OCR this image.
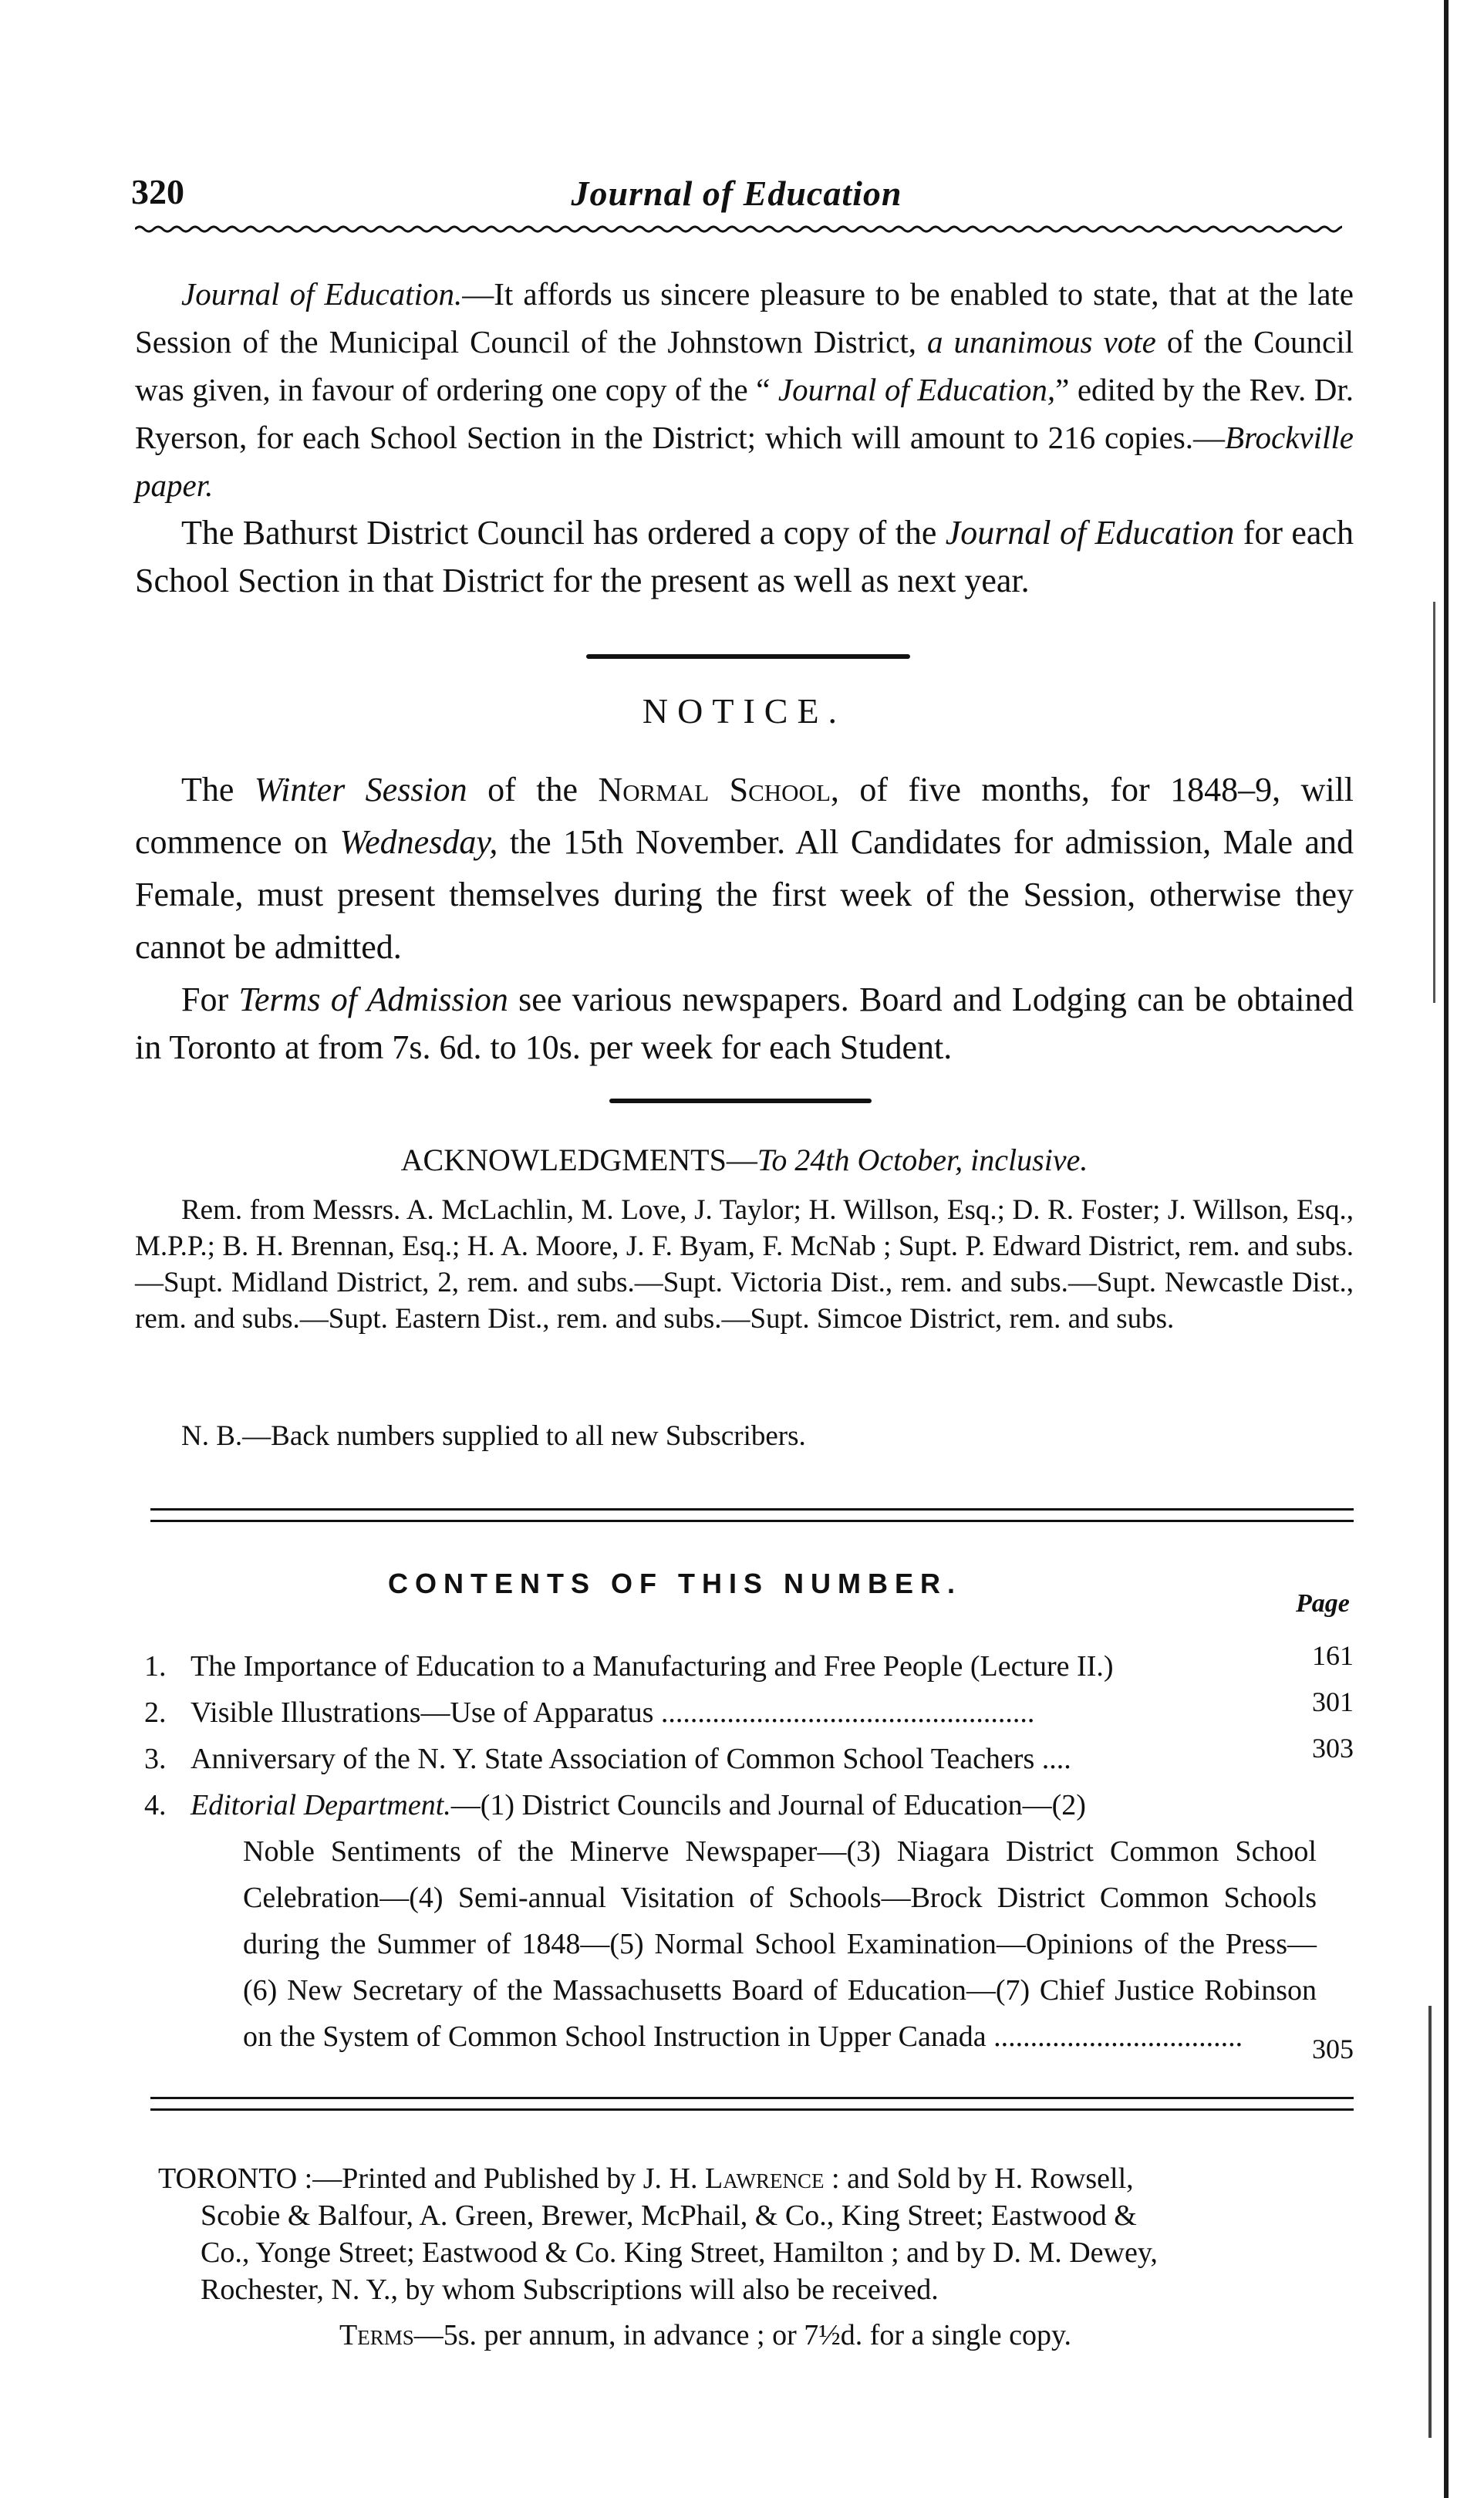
320	Journal of Education

Journal of Education.—It affords us sincere pleasure to be enabled to state, that at the late Session of the Municipal Council of the Johnstown District, a unanimous vote of the Council was given, in favour of ordering one copy of the “ Journal of Education,” edited by the Rev. Dr. Ryerson, for each School Section in the District; which will amount to 216 copies.—Brockville paper.

The Bathurst District Council has ordered a copy of the Journal of Education for each School Section in that District for the present as well as next year.

NOTICE.

The Winter Session of the Normal School, of five months, for 1848–9, will commence on Wednesday, the 15th November. All Candidates for admission, Male and Female, must present themselves during the first week of the Session, otherwise they cannot be admitted.

For Terms of Admission see various newspapers. Board and Lodging can be obtained in Toronto at from 7s. 6d. to 10s. per week for each Student.

ACKNOWLEDGMENTS—To 24th October, inclusive.

Rem. from Messrs. A. McLachlin, M. Love, J. Taylor; H. Willson, Esq.; D. R. Foster; J. Willson, Esq., M.P.P.; B. H. Brennan, Esq.; H. A. Moore, J. F. Byam, F. McNab ; Supt. P. Edward District, rem. and subs.—Supt. Midland District, 2, rem. and subs.—Supt. Victoria Dist., rem. and subs.—Supt. Newcastle Dist., rem. and subs.—Supt. Eastern Dist., rem. and subs.—Supt. Simcoe District, rem. and subs.

N. B.—Back numbers supplied to all new Subscribers.
CONTENTS OF THIS NUMBER.
Page
1. The Importance of Education to a Manufacturing and Free People (Lecture II.)	161
2. Visible Illustrations—Use of Apparatus ...................................................	301
3. Anniversary of the N. Y. State Association of Common School Teachers ....	303
4. Editorial Department.—(1) District Councils and Journal of Education—(2)
Noble Sentiments of the Minerve Newspaper—(3) Niagara District Common School Celebration—(4) Semi-annual Visitation of Schools—Brock District Common Schools during the Summer of 1848—(5) Normal School Examination—Opinions of the Press—(6) New Secretary of the Massachusetts Board of Education—(7) Chief Justice Robinson on the System of Common School Instruction in Upper Canada ..................................	305
TORONTO :—Printed and Published by J. H. Lawrence : and Sold by H. Rowsell,
Scobie & Balfour, A. Green, Brewer, McPhail, & Co., King Street; Eastwood &
Co., Yonge Street; Eastwood & Co. King Street, Hamilton ; and by D. M. Dewey,
Rochester, N. Y., by whom Subscriptions will also be received.
Terms—5s. per annum, in advance ; or 7½d. for a single copy.
